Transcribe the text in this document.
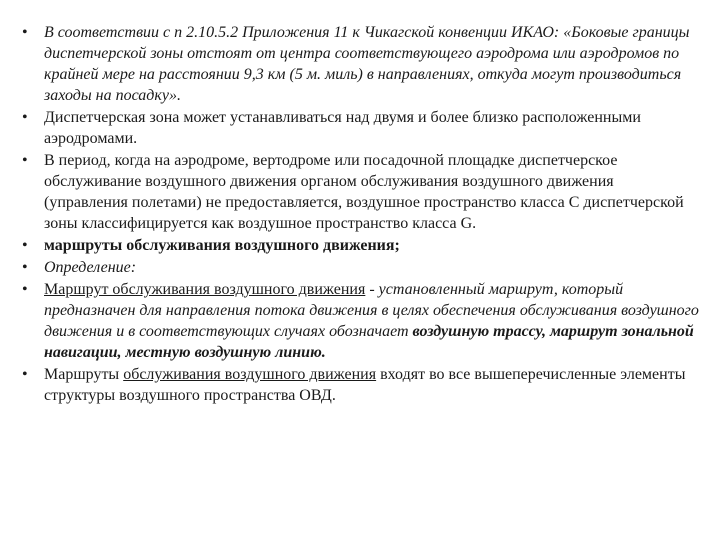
• В соответствии с п 2.10.5.2 Приложения 11 к Чикагской конвенции ИКАО: «Боковые границы диспетчерской зоны отстоят от центра соответствующего аэродрома или аэродромов по крайней мере на расстоянии 9,3 км (5 м. миль) в направлениях, откуда могут производиться заходы на посадку».
• Диспетчерская зона может устанавливаться над двумя и более близко расположенными аэродромами.
• В период, когда на аэродроме, вертодроме или посадочной площадке диспетчерское обслуживание воздушного движения органом обслуживания воздушного движения (управления полетами) не предоставляется, воздушное пространство класса С диспетчерской зоны классифицируется как воздушное пространство класса G.
• маршруты обслуживания воздушного движения;
• Определение:
• Маршрут обслуживания воздушного движения - установленный маршрут, который предназначен для направления потока движения в целях обеспечения обслуживания воздушного движения и в соответствующих случаях обозначает воздушную трассу, маршрут зональной навигации, местную воздушную линию.
• Маршруты обслуживания воздушного движения входят во все вышеперечисленные элементы структуры воздушного пространства ОВД.
